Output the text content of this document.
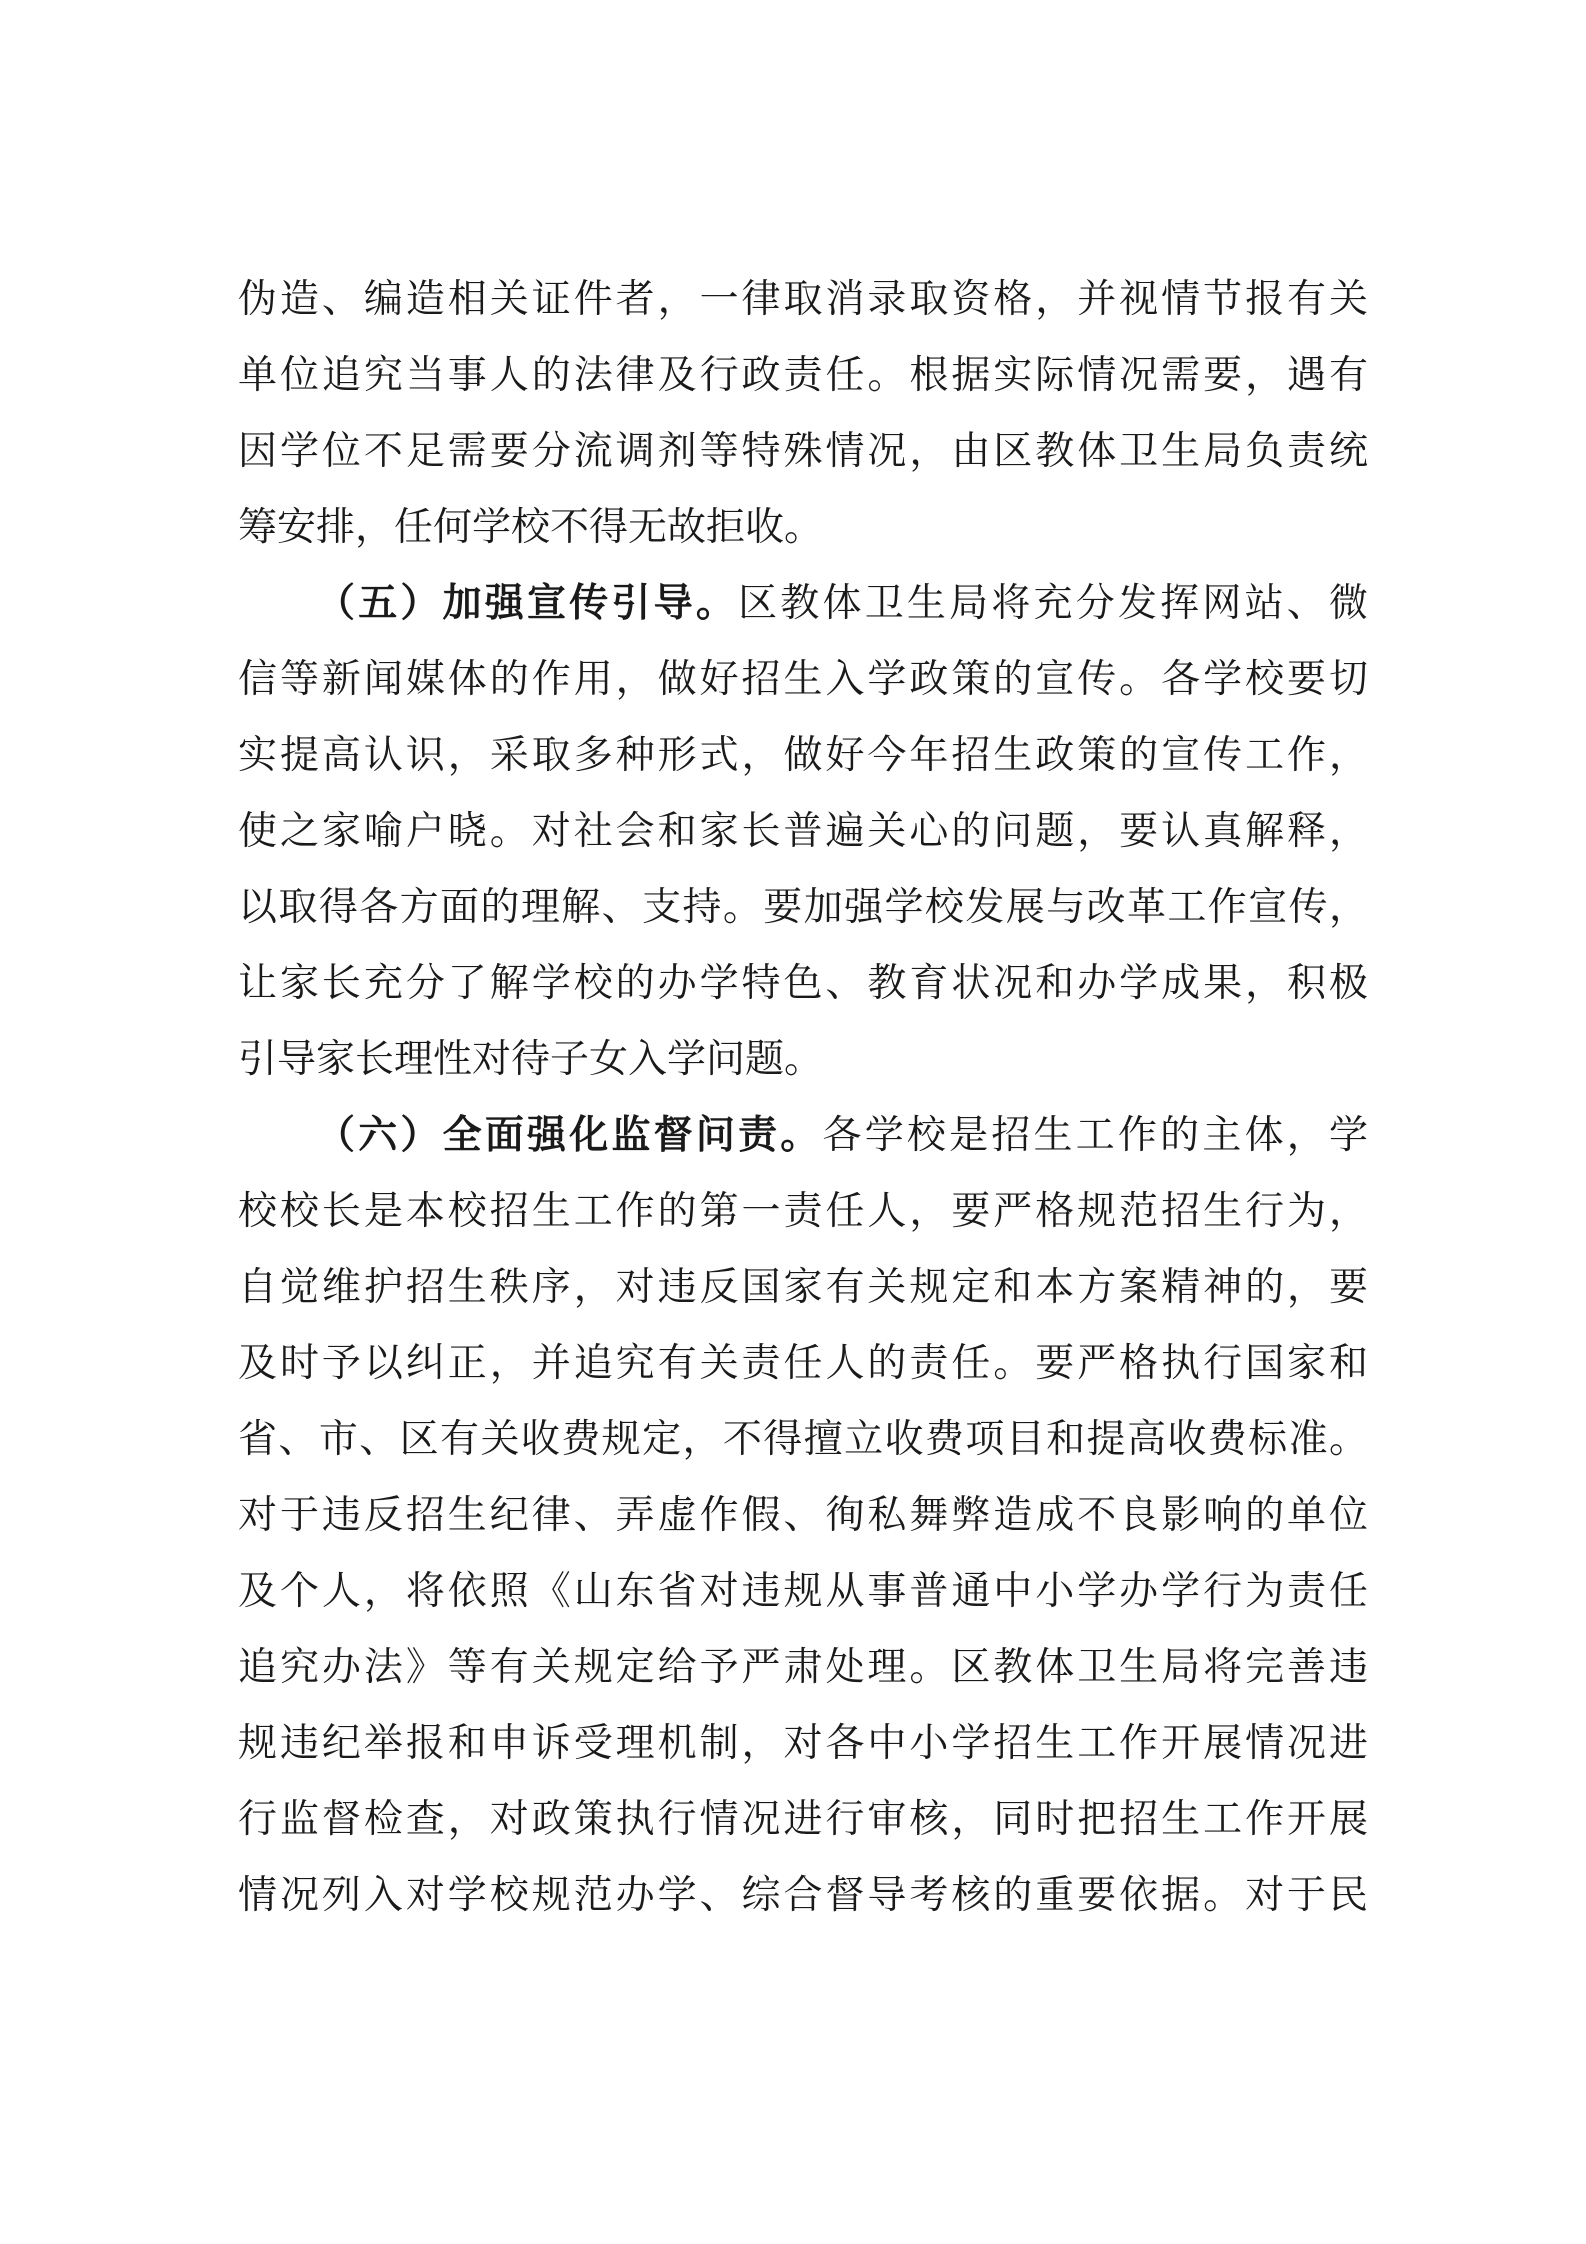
伪造、编造相关证件者，一律取消录取资格，并视情节报有关
单位追究当事人的法律及行政责任。根据实际情况需要，遇有
因学位不足需要分流调剂等特殊情况，由区教体卫生局负责统
筹安排，任何学校不得无故拒收。
（五）加强宣传引导。区教体卫生局将充分发挥网站、微
信等新闻媒体的作用，做好招生入学政策的宣传。各学校要切
实提高认识，采取多种形式，做好今年招生政策的宣传工作，
使之家喻户晓。对社会和家长普遍关心的问题，要认真解释，
以取得各方面的理解、支持。要加强学校发展与改革工作宣传，
让家长充分了解学校的办学特色、教育状况和办学成果，积极
引导家长理性对待子女入学问题。
（六）全面强化监督问责。各学校是招生工作的主体，学
校校长是本校招生工作的第一责任人，要严格规范招生行为，
自觉维护招生秩序，对违反国家有关规定和本方案精神的，要
及时予以纠正，并追究有关责任人的责任。要严格执行国家和
省、市、区有关收费规定，不得擅立收费项目和提高收费标准。
对于违反招生纪律、弄虚作假、徇私舞弊造成不良影响的单位
及个人，将依照《山东省对违规从事普通中小学办学行为责任
追究办法》等有关规定给予严肃处理。区教体卫生局将完善违
规违纪举报和申诉受理机制，对各中小学招生工作开展情况进
行监督检查，对政策执行情况进行审核，同时把招生工作开展
情况列入对学校规范办学、综合督导考核的重要依据。对于民
